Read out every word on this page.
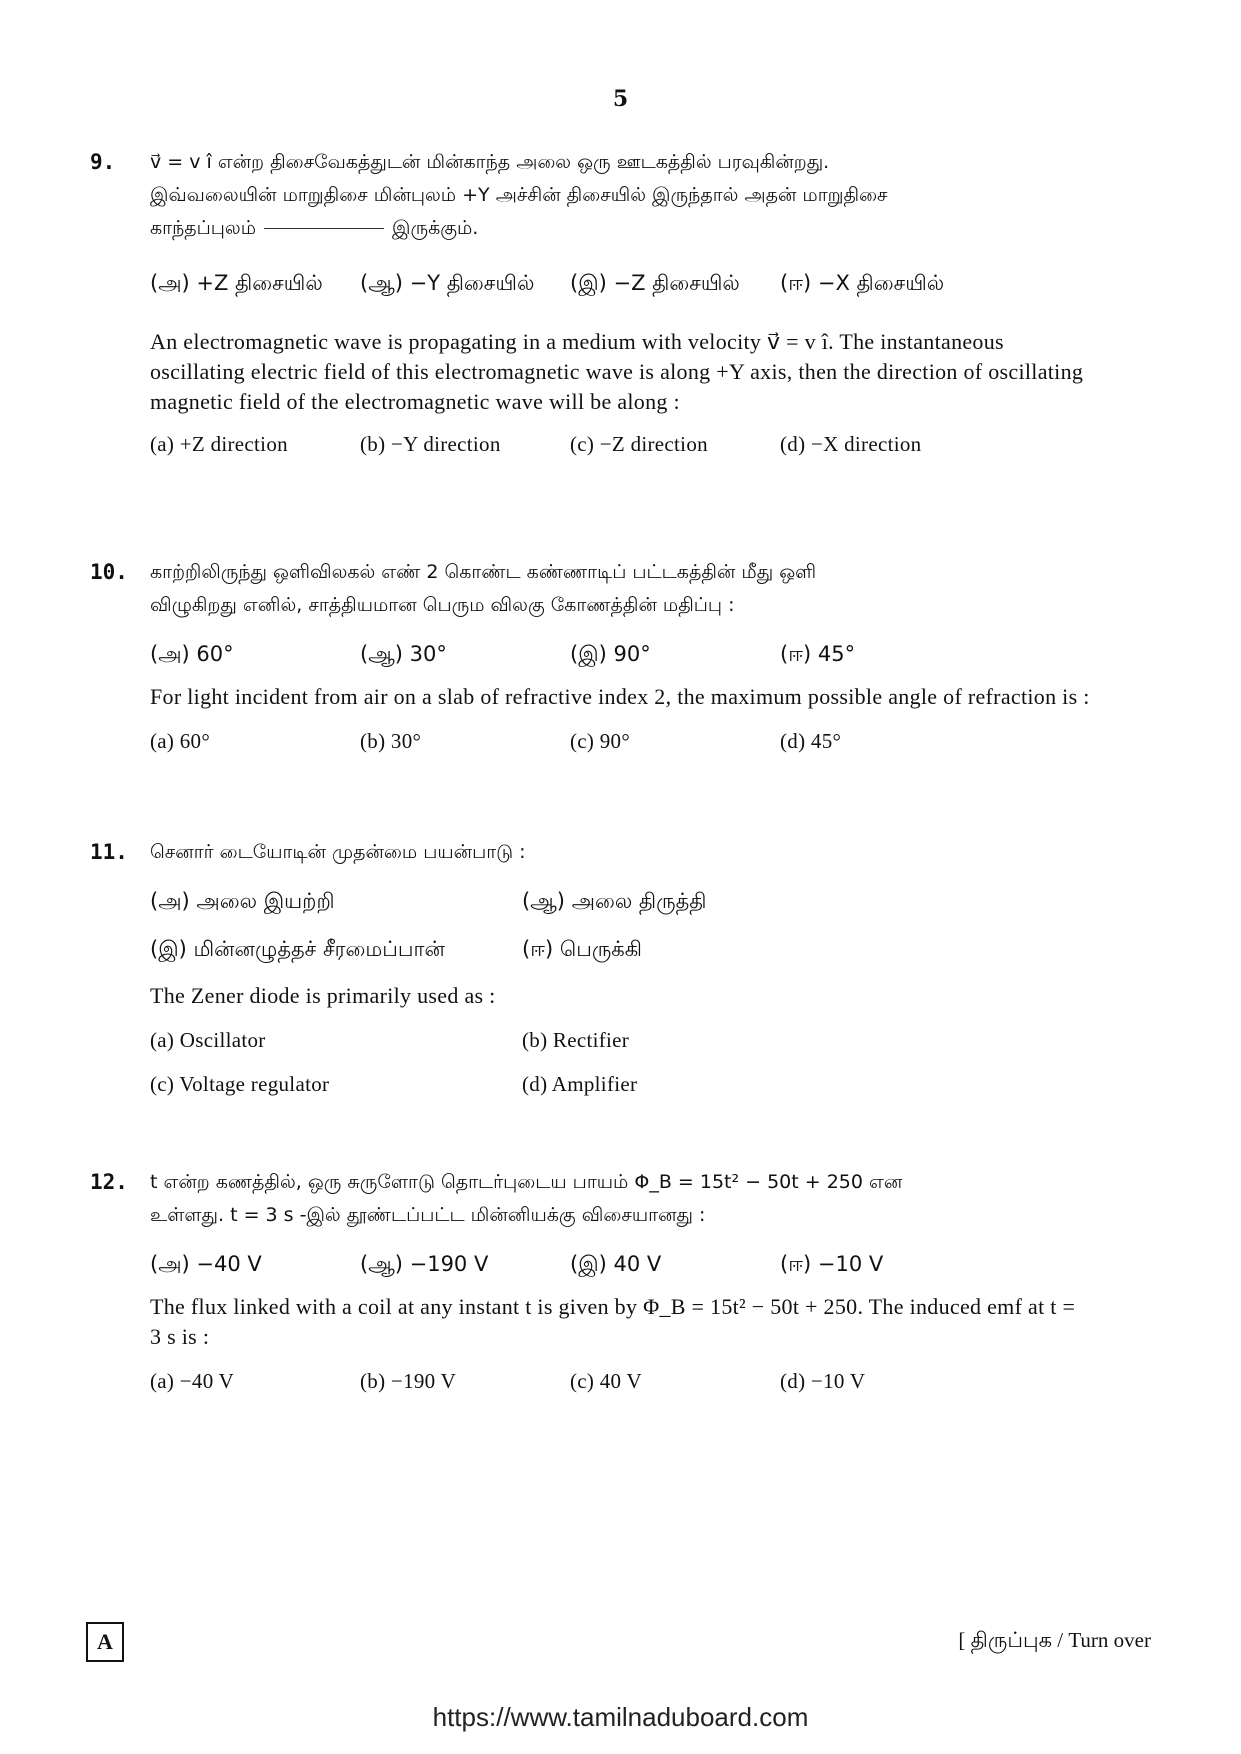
5
9. v⃗ = v î என்ற திசைவேகத்துடன் மின்காந்த அலை ஒரு ஊடகத்தில் பரவுகின்றது.
இவ்வலையின் மாறுதிசை மின்புலம் +Y அச்சின் திசையில் இருந்தால் அதன் மாறுதிசை
காந்தப்புலம்	இருக்கும்.
(அ) +Z திசையில் (ஆ) −Y திசையில் (இ) −Z திசையில் (ஈ) −X திசையில்
An electromagnetic wave is propagating in a medium with velocity v⃗ = v î. The instantaneous oscillating electric field of this electromagnetic wave is along +Y axis, then the direction of oscillating magnetic field of the electromagnetic wave will be along :
(a) +Z direction	(b) −Y direction	(c) −Z direction	(d) −X direction
10. காற்றிலிருந்து ஒளிவிலகல் எண் 2 கொண்ட கண்ணாடிப் பட்டகத்தின் மீது ஒளி
விழுகிறது எனில், சாத்தியமான பெரும விலகு கோணத்தின் மதிப்பு :
(அ) 60°	(ஆ) 30°	(இ) 90°	(ஈ) 45°
For light incident from air on a slab of refractive index 2, the maximum possible angle of refraction is :
(a) 60°	(b) 30°	(c) 90°	(d) 45°
11. செனார் டையோடின் முதன்மை பயன்பாடு :
(அ) அலை இயற்றி	(ஆ) அலை திருத்தி
(இ) மின்னழுத்தச் சீரமைப்பான்	(ஈ) பெருக்கி
The Zener diode is primarily used as :
(a) Oscillator	(b) Rectifier
(c) Voltage regulator	(d) Amplifier
12. t என்ற கணத்தில், ஒரு சுருளோடு தொடர்புடைய பாயம் Φ_B = 15t² − 50t + 250 என
உள்ளது. t = 3 s -இல் தூண்டப்பட்ட மின்னியக்கு விசையானது :
(அ) −40 V	(ஆ) −190 V	(இ) 40 V	(ஈ) −10 V
The flux linked with a coil at any instant t is given by Φ_B = 15t² − 50t + 250. The induced emf at t = 3 s is :
(a) −40 V	(b) −190 V	(c) 40 V	(d) −10 V
A	[ திருப்புக / Turn over
https://www.tamilnaduboard.com
